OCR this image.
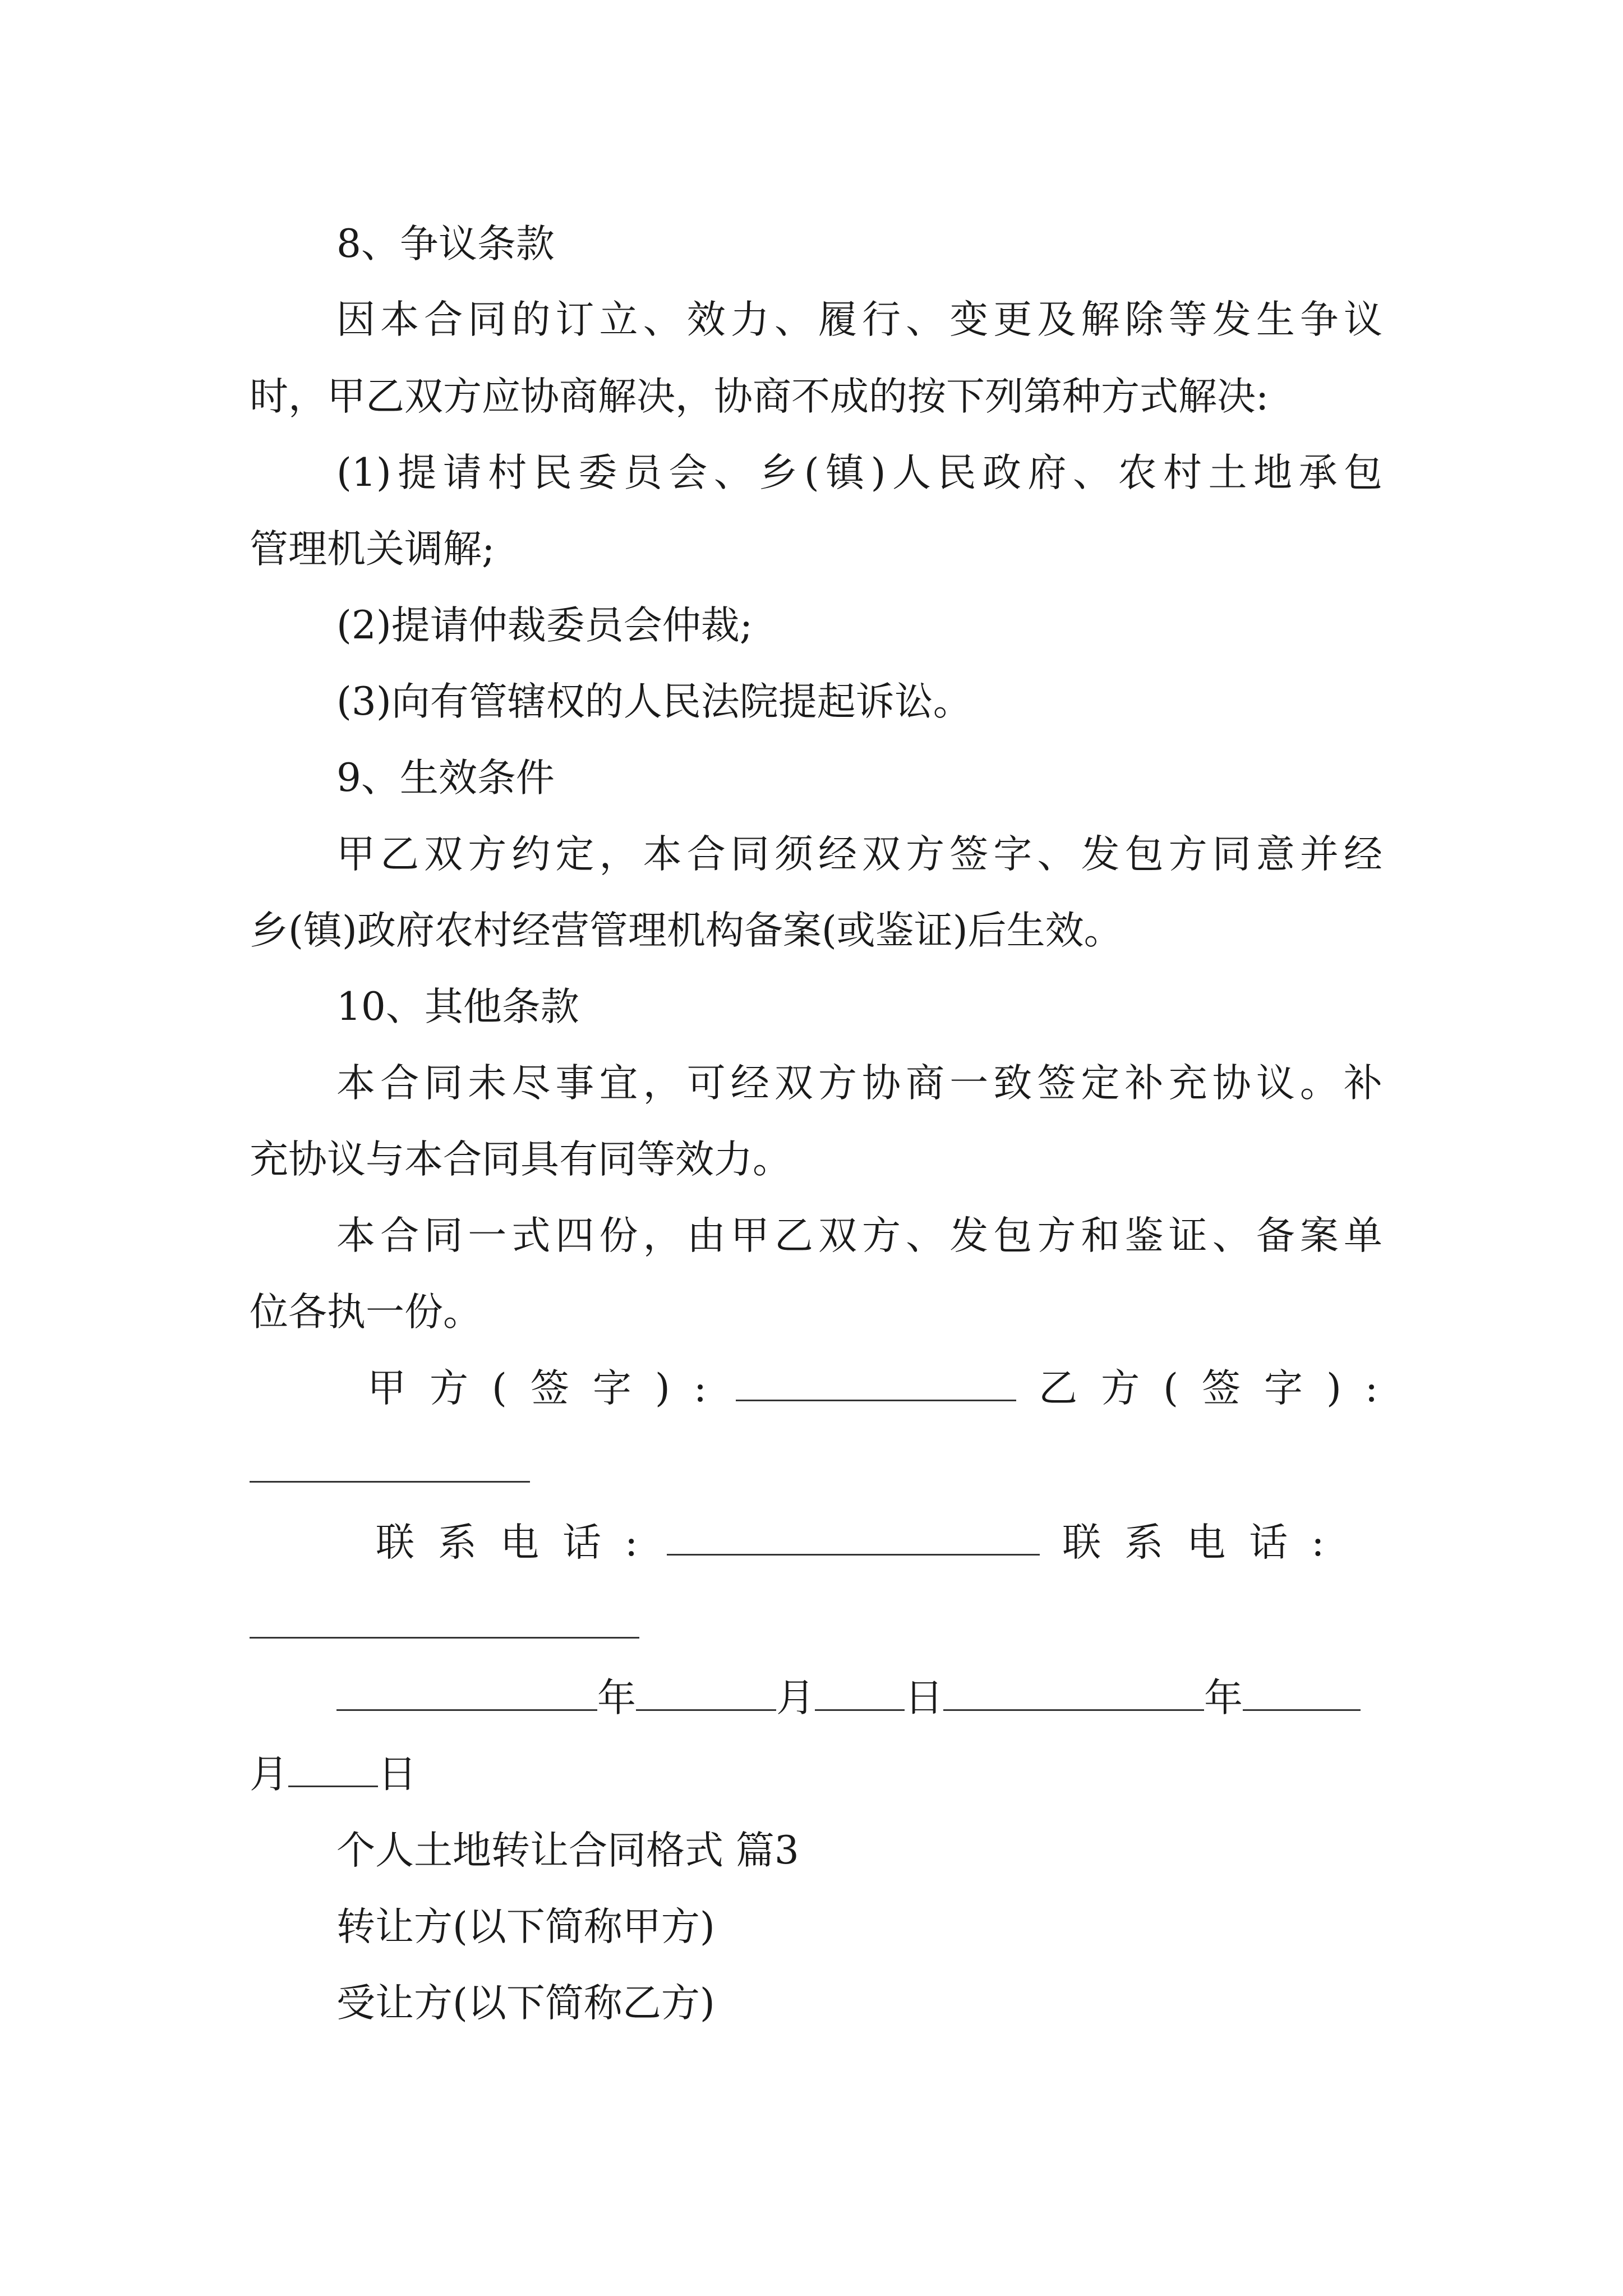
8、争议条款
因本合同的订立、效力、履行、变更及解除等发生争议
时，甲乙双方应协商解决，协商不成的按下列第种方式解决:
(1)提请村民委员会、乡(镇)人民政府、农村土地承包
管理机关调解;
(2)提请仲裁委员会仲裁;
(3)向有管辖权的人民法院提起诉讼。
9、生效条件
甲乙双方约定，本合同须经双方签字、发包方同意并经
乡(镇)政府农村经营管理机构备案(或鉴证)后生效。
10、其他条款
本合同未尽事宜，可经双方协商一致签定补充协议。补
充协议与本合同具有同等效力。
本合同一式四份，由甲乙双方、发包方和鉴证、备案单
位各执一份。
甲方(签字):	乙方(签字):
联系电话:	联系电话:
年	月 日	年
月 日
个人土地转让合同格式 篇3
转让方(以下简称甲方)
受让方(以下简称乙方)
